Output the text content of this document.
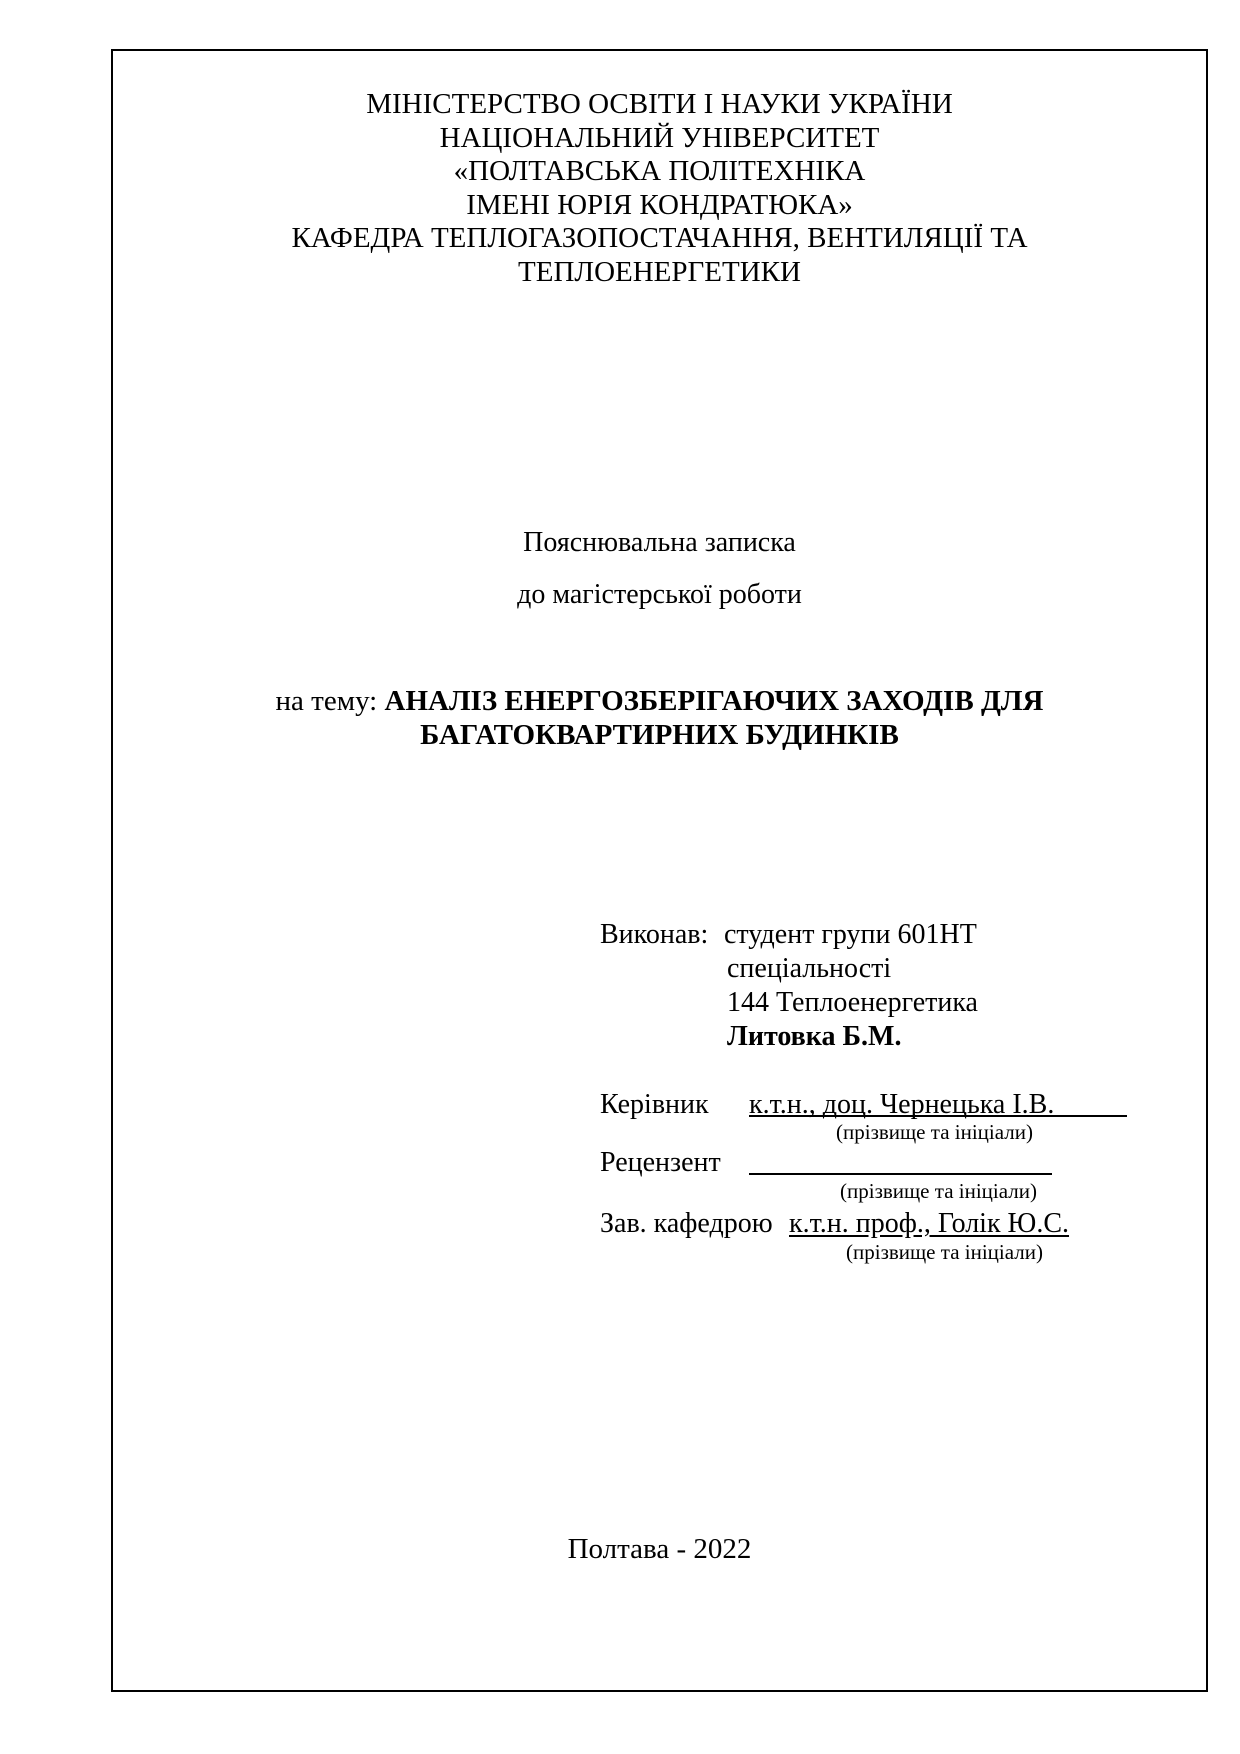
МІНІСТЕРСТВО ОСВІТИ І НАУКИ УКРАЇНИ
НАЦІОНАЛЬНИЙ УНІВЕРСИТЕТ
«ПОЛТАВСЬКА ПОЛІТЕХНІКА
ІМЕНІ ЮРІЯ КОНДРАТЮКА»
КАФЕДРА ТЕПЛОГАЗОПОСТАЧАННЯ, ВЕНТИЛЯЦІЇ ТА
ТЕПЛОЕНЕРГЕТИКИ
Пояснювальна записка
до магістерської роботи
на тему: АНАЛІЗ ЕНЕРГОЗБЕРІГАЮЧИХ ЗАХОДІВ ДЛЯ
БАГАТОКВАРТИРНИХ БУДИНКІВ
Виконав: студент групи 601НТ
спеціальності
144 Теплоенергетика
Литовка Б.М.
Керівник к.т.н., доц. Чернецька І.В.
(прізвище та ініціали)
Рецензент
(прізвище та ініціали)
Зав. кафедрою к.т.н. проф., Голік Ю.С.
(прізвище та ініціали)
Полтава - 2022
